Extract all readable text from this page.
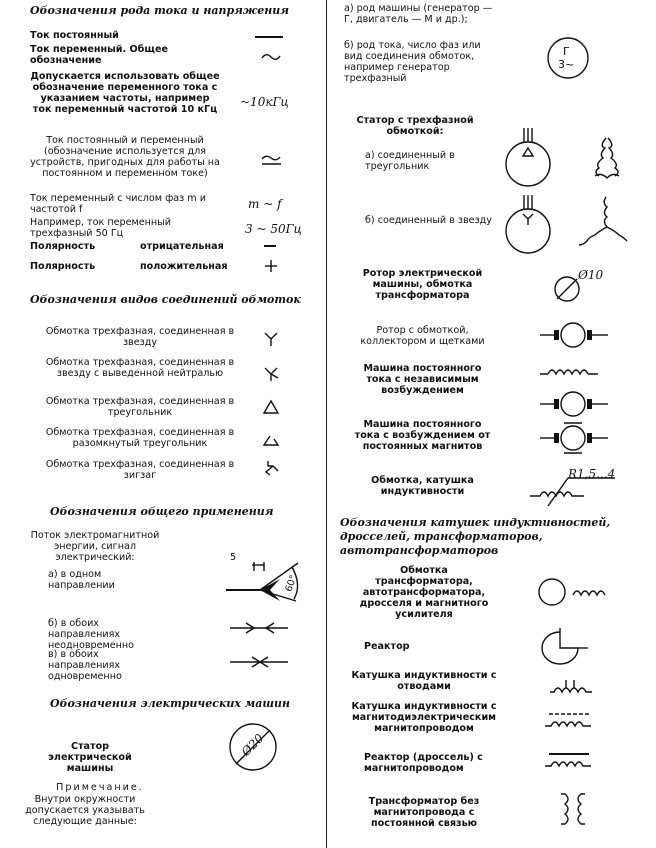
Обозначения рода тока и напряжения
Ток постоянный
Ток переменный. Общее обозначение
Допускается использовать общее обозначение переменного тока с указанием частоты, например ток переменный частотой 10 кГц
~10кГц
Ток постоянный и переменный (обозначение используется для устройств, пригодных для работы на постоянном и переменном токе)
Ток переменный с числом фаз m и частотой f	m ~ f
Например, ток переменный трехфазный 50 Гц	3 ~ 50Гц
Полярность	отрицательная
Полярность	положительная
Обозначения видов соединений обмоток
Обмотка трехфазная, соединенная в звезду
Обмотка трехфазная, соединенная в звезду с выведенной нейтралью
Обмотка трехфазная, соединенная в треугольник
Обмотка трехфазная, соединенная в разомкнутый треугольник
Обмотка трехфазная, соединенная в зигзаг
Обозначения общего применения
Поток электромагнитной энергии, сигнал электрический:
а) в одном направлении
5
60°
б) в обоих направлениях неодновременно
в) в обоих направлениях одновременно
Обозначения электрических машин
Статор электрической машины
Ø20
Примечание.
Внутри окружности допускается указывать следующие данные:
а) род машины (генератор — Г, двигатель — М и др.);
б) род тока, число фаз или вид соединения обмоток, например генератор трехфазный
Г
3~
Статор с трехфазной обмоткой:
а) соединенный в треугольник
б) соединенный в звезду
Ротор электрической машины, обмотка трансформатора
Ø10
Ротор с обмоткой, коллектором и щетками
Машина постоянного тока с независимым возбуждением
Машина постоянного тока с возбуждением от постоянных магнитов
Обмотка, катушка индуктивности
R1,5...4
Обозначения катушек индуктивностей, дросселей, трансформаторов, автотрансформаторов
Обмотка трансформатора, автотрансформатора, дросселя и магнитного усилителя
Реактор
Катушка индуктивности с отводами
Катушка индуктивности с магнитодиэлектрическим магнитопроводом
Реактор (дроссель) с магнитопроводом
Трансформатор без магнитопровода с постоянной связью
